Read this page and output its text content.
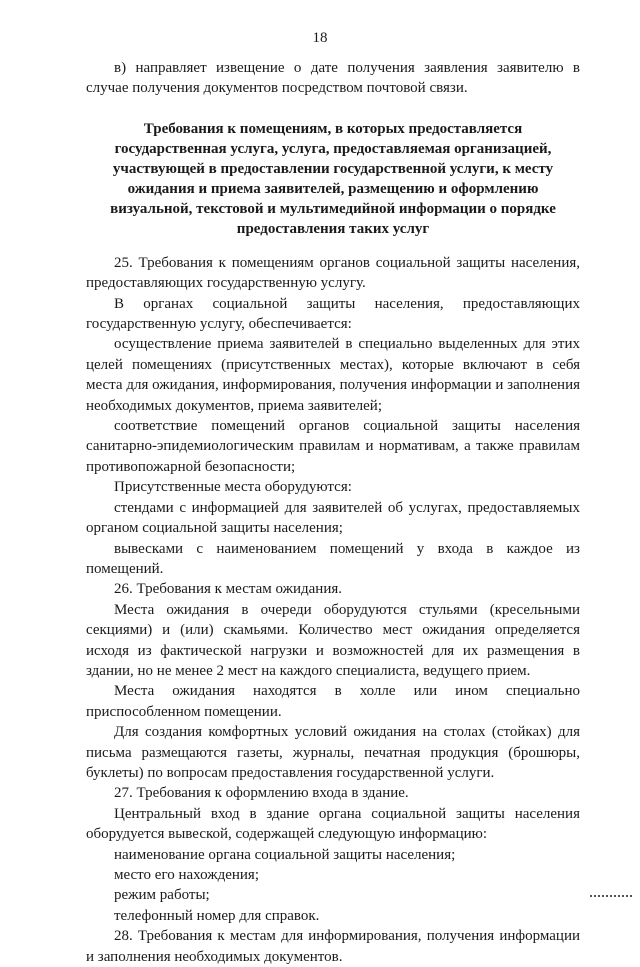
18

в) направляет извещение о дате получения заявления заявителю в случае получения документов посредством почтовой связи.

Требования к помещениям, в которых предоставляется государственная услуга, услуга, предоставляемая организацией, участвующей в предоставлении государственной услуги, к месту ожидания и приема заявителей, размещению и оформлению визуальной, текстовой и мультимедийной информации о порядке предоставления таких услуг

25. Требования к помещениям органов социальной защиты населения, предоставляющих государственную услугу.

В органах социальной защиты населения, предоставляющих государственную услугу, обеспечивается:

осуществление приема заявителей в специально выделенных для этих целей помещениях (присутственных местах), которые включают в себя места для ожидания, информирования, получения информации и заполнения необходимых документов, приема заявителей;

соответствие помещений органов социальной защиты населения санитарно-эпидемиологическим правилам и нормативам, а также правилам противопожарной безопасности;

Присутственные места оборудуются:

стендами с информацией для заявителей об услугах, предоставляемых органом социальной защиты населения;

вывесками с наименованием помещений у входа в каждое из помещений.

26. Требования к местам ожидания.

Места ожидания в очереди оборудуются стульями (кресельными секциями) и (или) скамьями. Количество мест ожидания определяется исходя из фактической нагрузки и возможностей для их размещения в здании, но не менее 2 мест на каждого специалиста, ведущего прием.

Места ожидания находятся в холле или ином специально приспособленном помещении.

Для создания комфортных условий ожидания на столах (стойках) для письма размещаются газеты, журналы, печатная продукция (брошюры, буклеты) по вопросам предоставления государственной услуги.

27. Требования к оформлению входа в здание.

Центральный вход в здание органа социальной защиты населения оборудуется вывеской, содержащей следующую информацию:

наименование органа социальной защиты населения;

место его нахождения;

режим работы;

телефонный номер для справок.

28. Требования к местам для информирования, получения информации и заполнения необходимых документов.
